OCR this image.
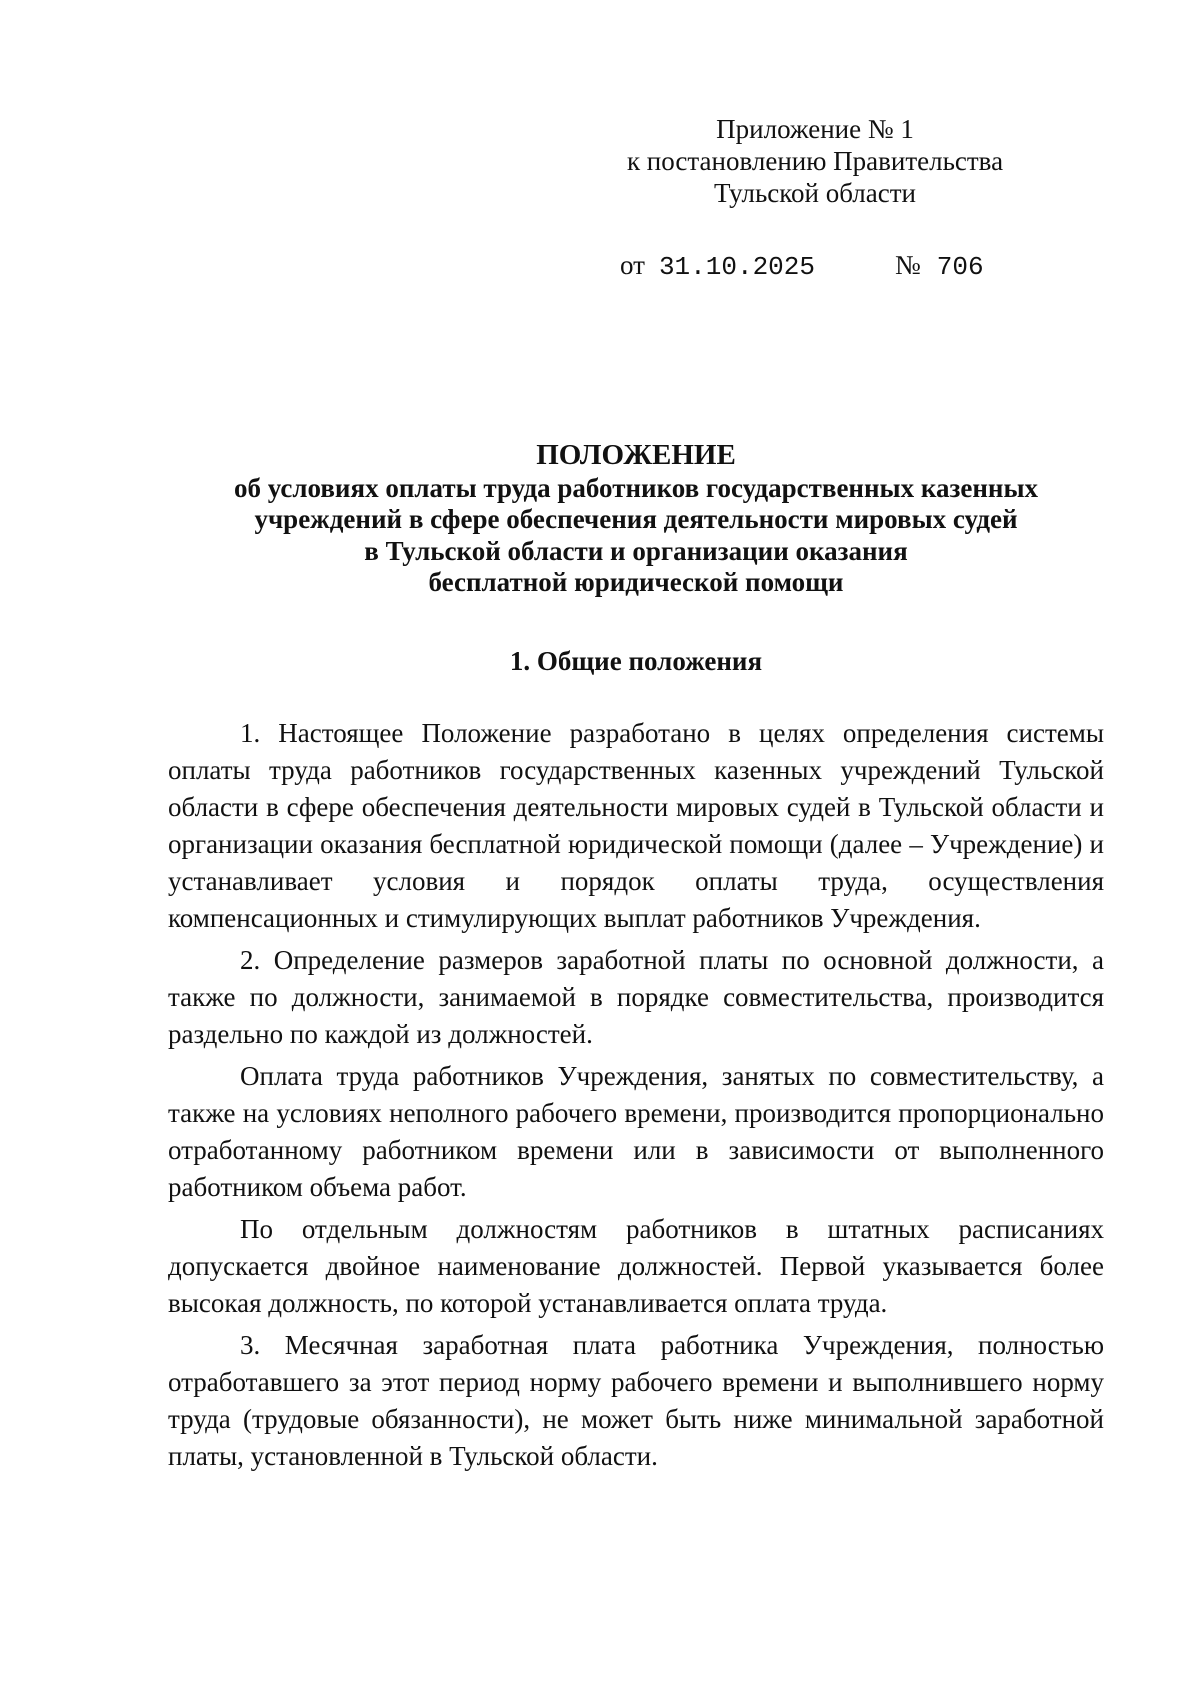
Приложение № 1
к постановлению Правительства
Тульской области
от 31.10.2025	№ 706
ПОЛОЖЕНИЕ
об условиях оплаты труда работников государственных казенных
учреждений в сфере обеспечения деятельности мировых судей
в Тульской области и организации оказания
бесплатной юридической помощи
1. Общие положения

1. Настоящее Положение разработано в целях определения системы оплаты труда работников государственных казенных учреждений Тульской области в сфере обеспечения деятельности мировых судей в Тульской области и организации оказания бесплатной юридической помощи (далее – Учреждение) и устанавливает условия и порядок оплаты труда, осуществления компенсационных и стимулирующих выплат работников Учреждения.

2. Определение размеров заработной платы по основной должности, а также по должности, занимаемой в порядке совместительства, производится раздельно по каждой из должностей.

Оплата труда работников Учреждения, занятых по совместительству, а также на условиях неполного рабочего времени, производится пропорционально отработанному работником времени или в зависимости от выполненного работником объема работ.

По отдельным должностям работников в штатных расписаниях допускается двойное наименование должностей. Первой указывается более высокая должность, по которой устанавливается оплата труда.

3. Месячная заработная плата работника Учреждения, полностью отработавшего за этот период норму рабочего времени и выполнившего норму труда (трудовые обязанности), не может быть ниже минимальной заработной платы, установленной в Тульской области.
